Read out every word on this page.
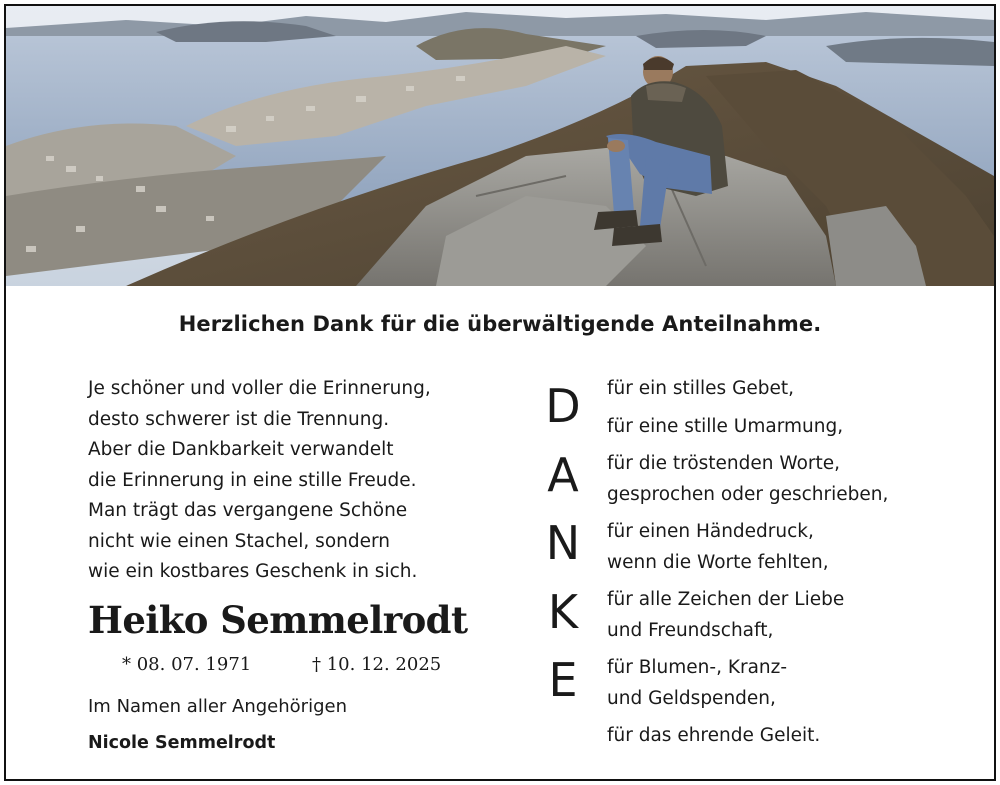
Herzlichen Dank für die überwältigende Anteilnahme.
Je schöner und voller die Erinnerung,
desto schwerer ist die Trennung.
Aber die Dankbarkeit verwandelt
die Erinnerung in eine stille Freude.
Man trägt das vergangene Schöne
nicht wie einen Stachel, sondern
wie ein kostbares Geschenk in sich.
Heiko Semmelrodt
* 08. 07. 1971	† 10. 12. 2025
Im Namen aller Angehörigen
Nicole Semmelrodt
D
A
N
K
E
für ein stilles Gebet,
für eine stille Umarmung,
für die tröstenden Worte,
gesprochen oder geschrieben,
für einen Händedruck,
wenn die Worte fehlten,
für alle Zeichen der Liebe
und Freundschaft,
für Blumen-, Kranz-
und Geldspenden,
für das ehrende Geleit.
